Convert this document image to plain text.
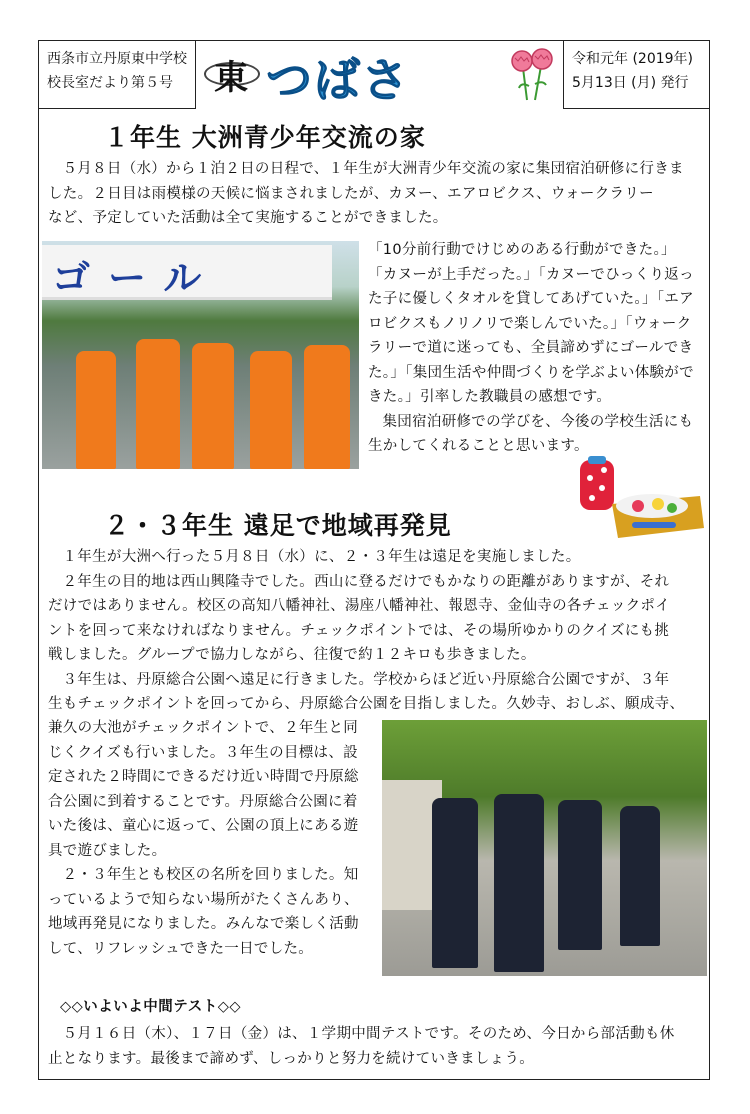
西条市立丹原東中学校
校長室だより第５号	東 つばさ	令和元年 (2019年)
5月13日 (月) 発行
１年生 大洲青少年交流の家

５月８日（水）から１泊２日の日程で、１年生が大洲青少年交流の家に集団宿泊研修に行きま

した。２日目は雨模様の天候に悩まされましたが、カヌー、エアロビクス、ウォークラリー

など、予定していた活動は全て実施することができました。

ゴール

「10分前行動でけじめのある行動ができた。」

「カヌーが上手だった。」「カヌーでひっくり返っ

た子に優しくタオルを貸してあげていた。」「エア

ロビクスもノリノリで楽しんでいた。」「ウォーク

ラリーで道に迷っても、全員諦めずにゴールでき

た。」「集団生活や仲間づくりを学ぶよい体験がで

きた。」引率した教職員の感想です。

集団宿泊研修での学びを、今後の学校生活にも

生かしてくれることと思います。

２・３年生 遠足で地域再発見

１年生が大洲へ行った５月８日（水）に、２・３年生は遠足を実施しました。

２年生の目的地は西山興隆寺でした。西山に登るだけでもかなりの距離がありますが、それ

だけではありません。校区の高知八幡神社、湯座八幡神社、報恩寺、金仙寺の各チェックポイ

ントを回って来なければなりません。チェックポイントでは、その場所ゆかりのクイズにも挑

戦しました。グループで協力しながら、往復で約１２キロも歩きました。

３年生は、丹原総合公園へ遠足に行きました。学校からほど近い丹原総合公園ですが、３年

生もチェックポイントを回ってから、丹原総合公園を目指しました。久妙寺、おしぶ、願成寺、

兼久の大池がチェックポイントで、２年生と同

じくクイズも行いました。３年生の目標は、設

定された２時間にできるだけ近い時間で丹原総

合公園に到着することです。丹原総合公園に着

いた後は、童心に返って、公園の頂上にある遊

具で遊びました。

２・３年生とも校区の名所を回りました。知

っているようで知らない場所がたくさんあり、

地域再発見になりました。みんなで楽しく活動

して、リフレッシュできた一日でした。

◇◇いよいよ中間テスト◇◇

５月１６日（木）、１７日（金）は、１学期中間テストです。そのため、今日から部活動も休

止となります。最後まで諦めず、しっかりと努力を続けていきましょう。
